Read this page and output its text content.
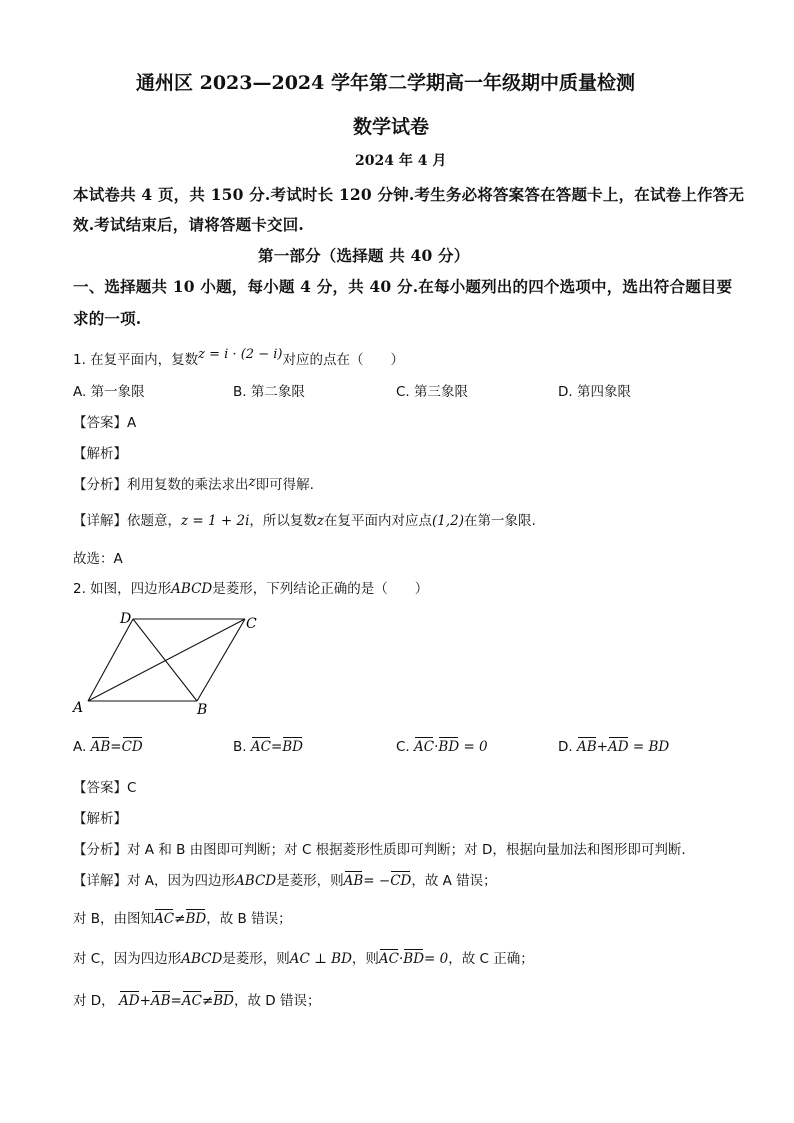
通州区 2023—2024 学年第二学期高一年级期中质量检测
数学试卷
2024 年 4 月
本试卷共 4 页，共 150 分.考试时长 120 分钟.考生务必将答案答在答题卡上，在试卷上作答无
效.考试结束后，请将答题卡交回.
第一部分（选择题 共 40 分）
一、选择题共 10 小题，每小题 4 分，共 40 分.在每小题列出的四个选项中，选出符合题目要
求的一项.
1. 在复平面内，复数z = i · (2 − i)对应的点在（　　）
A. 第一象限	B. 第二象限	C. 第三象限	D. 第四象限
【答案】A
【解析】
【分析】利用复数的乘法求出z即可得解.
【详解】依题意，z = 1 + 2i，所以复数z在复平面内对应点(1,2)在第一象限.
故选：A
2. 如图，四边形ABCD是菱形，下列结论正确的是（　　）
D	C
A	B
A. AB=CD	B. AC=BD	C. AC·BD = 0	D. AB+AD = BD
【答案】C
【解析】
【分析】对 A 和 B 由图即可判断；对 C 根据菱形性质即可判断；对 D，根据向量加法和图形即可判断.
【详解】对 A，因为四边形ABCD是菱形，则AB= −CD，故 A 错误；
对 B，由图知AC≠BD，故 B 错误；
对 C，因为四边形ABCD是菱形，则AC ⊥ BD，则AC·BD= 0，故 C 正确；
对 D， AD+AB=AC≠BD，故 D 错误；
